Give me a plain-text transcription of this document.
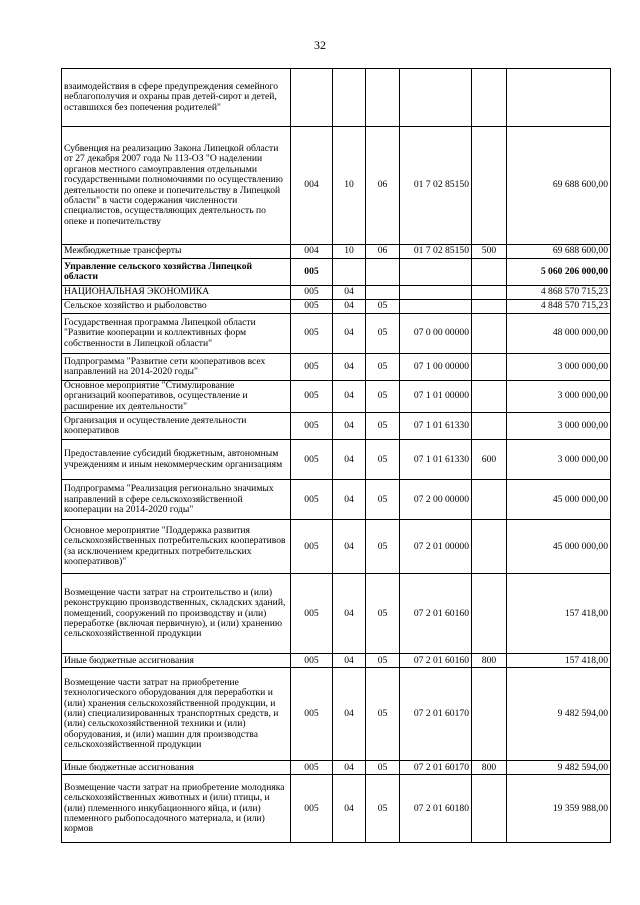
32
взаимодействия в сфере предупреждения семейного неблагополучия и охраны прав детей-сирот и детей, оставшихся без попечения родителей"						
Субвенция на реализацию Закона Липецкой области от 27 декабря 2007 года № 113-ОЗ "О наделении органов местного самоуправления отдельными государственными полномочиями по осуществлению деятельности по опеке и попечительству в Липецкой области" в части содержания численности специалистов, осуществляющих деятельность по опеке и попечительству	004	10	06	01 7 02 85150		69 688 600,00
Межбюджетные трансферты	004	10	06	01 7 02 85150	500	69 688 600,00
Управление сельского хозяйства Липецкой области	005					5 060 206 000,00
НАЦИОНАЛЬНАЯ ЭКОНОМИКА	005	04				4 868 570 715,23
Сельское хозяйство и рыболовство	005	04	05			4 848 570 715,23
Государственная программа Липецкой области "Развитие кооперации и коллективных форм собственности в Липецкой области"	005	04	05	07 0 00 00000		48 000 000,00
Подпрограмма "Развитие сети кооперативов всех направлений на 2014-2020 годы"	005	04	05	07 1 00 00000		3 000 000,00
Основное мероприятие "Стимулирование организаций кооперативов, осуществление и расширение их деятельности"	005	04	05	07 1 01 00000		3 000 000,00
Организация и осуществление деятельности кооперативов	005	04	05	07 1 01 61330		3 000 000,00
Предоставление субсидий бюджетным, автономным учреждениям и иным некоммерческим организациям	005	04	05	07 1 01 61330	600	3 000 000,00
Подпрограмма "Реализация регионально значимых направлений в сфере сельскохозяйственной кооперации на 2014-2020 годы"	005	04	05	07 2 00 00000		45 000 000,00
Основное мероприятие "Поддержка развития сельскохозяйственных потребительских кооперативов (за исключением кредитных потребительских кооперативов)"	005	04	05	07 2 01 00000		45 000 000,00
Возмещение части затрат на строительство и (или) реконструкцию производственных, складских зданий, помещений, сооружений по производству и (или) переработке (включая первичную), и (или) хранению сельскохозяйственной продукции	005	04	05	07 2 01 60160		157 418,00
Иные бюджетные ассигнования	005	04	05	07 2 01 60160	800	157 418,00
Возмещение части затрат на приобретение технологического оборудования для переработки и (или) хранения сельскохозяйственной продукции, и (или) специализированных транспортных средств, и (или) сельскохозяйственной техники и (или) оборудования, и (или) машин для производства сельскохозяйственной продукции	005	04	05	07 2 01 60170		9 482 594,00
Иные бюджетные ассигнования	005	04	05	07 2 01 60170	800	9 482 594,00
Возмещение части затрат на приобретение молодняка сельскохозяйственных животных и (или) птицы, и (или) племенного инкубационного яйца, и (или) племенного рыбопосадочного материала, и (или) кормов	005	04	05	07 2 01 60180		19 359 988,00
